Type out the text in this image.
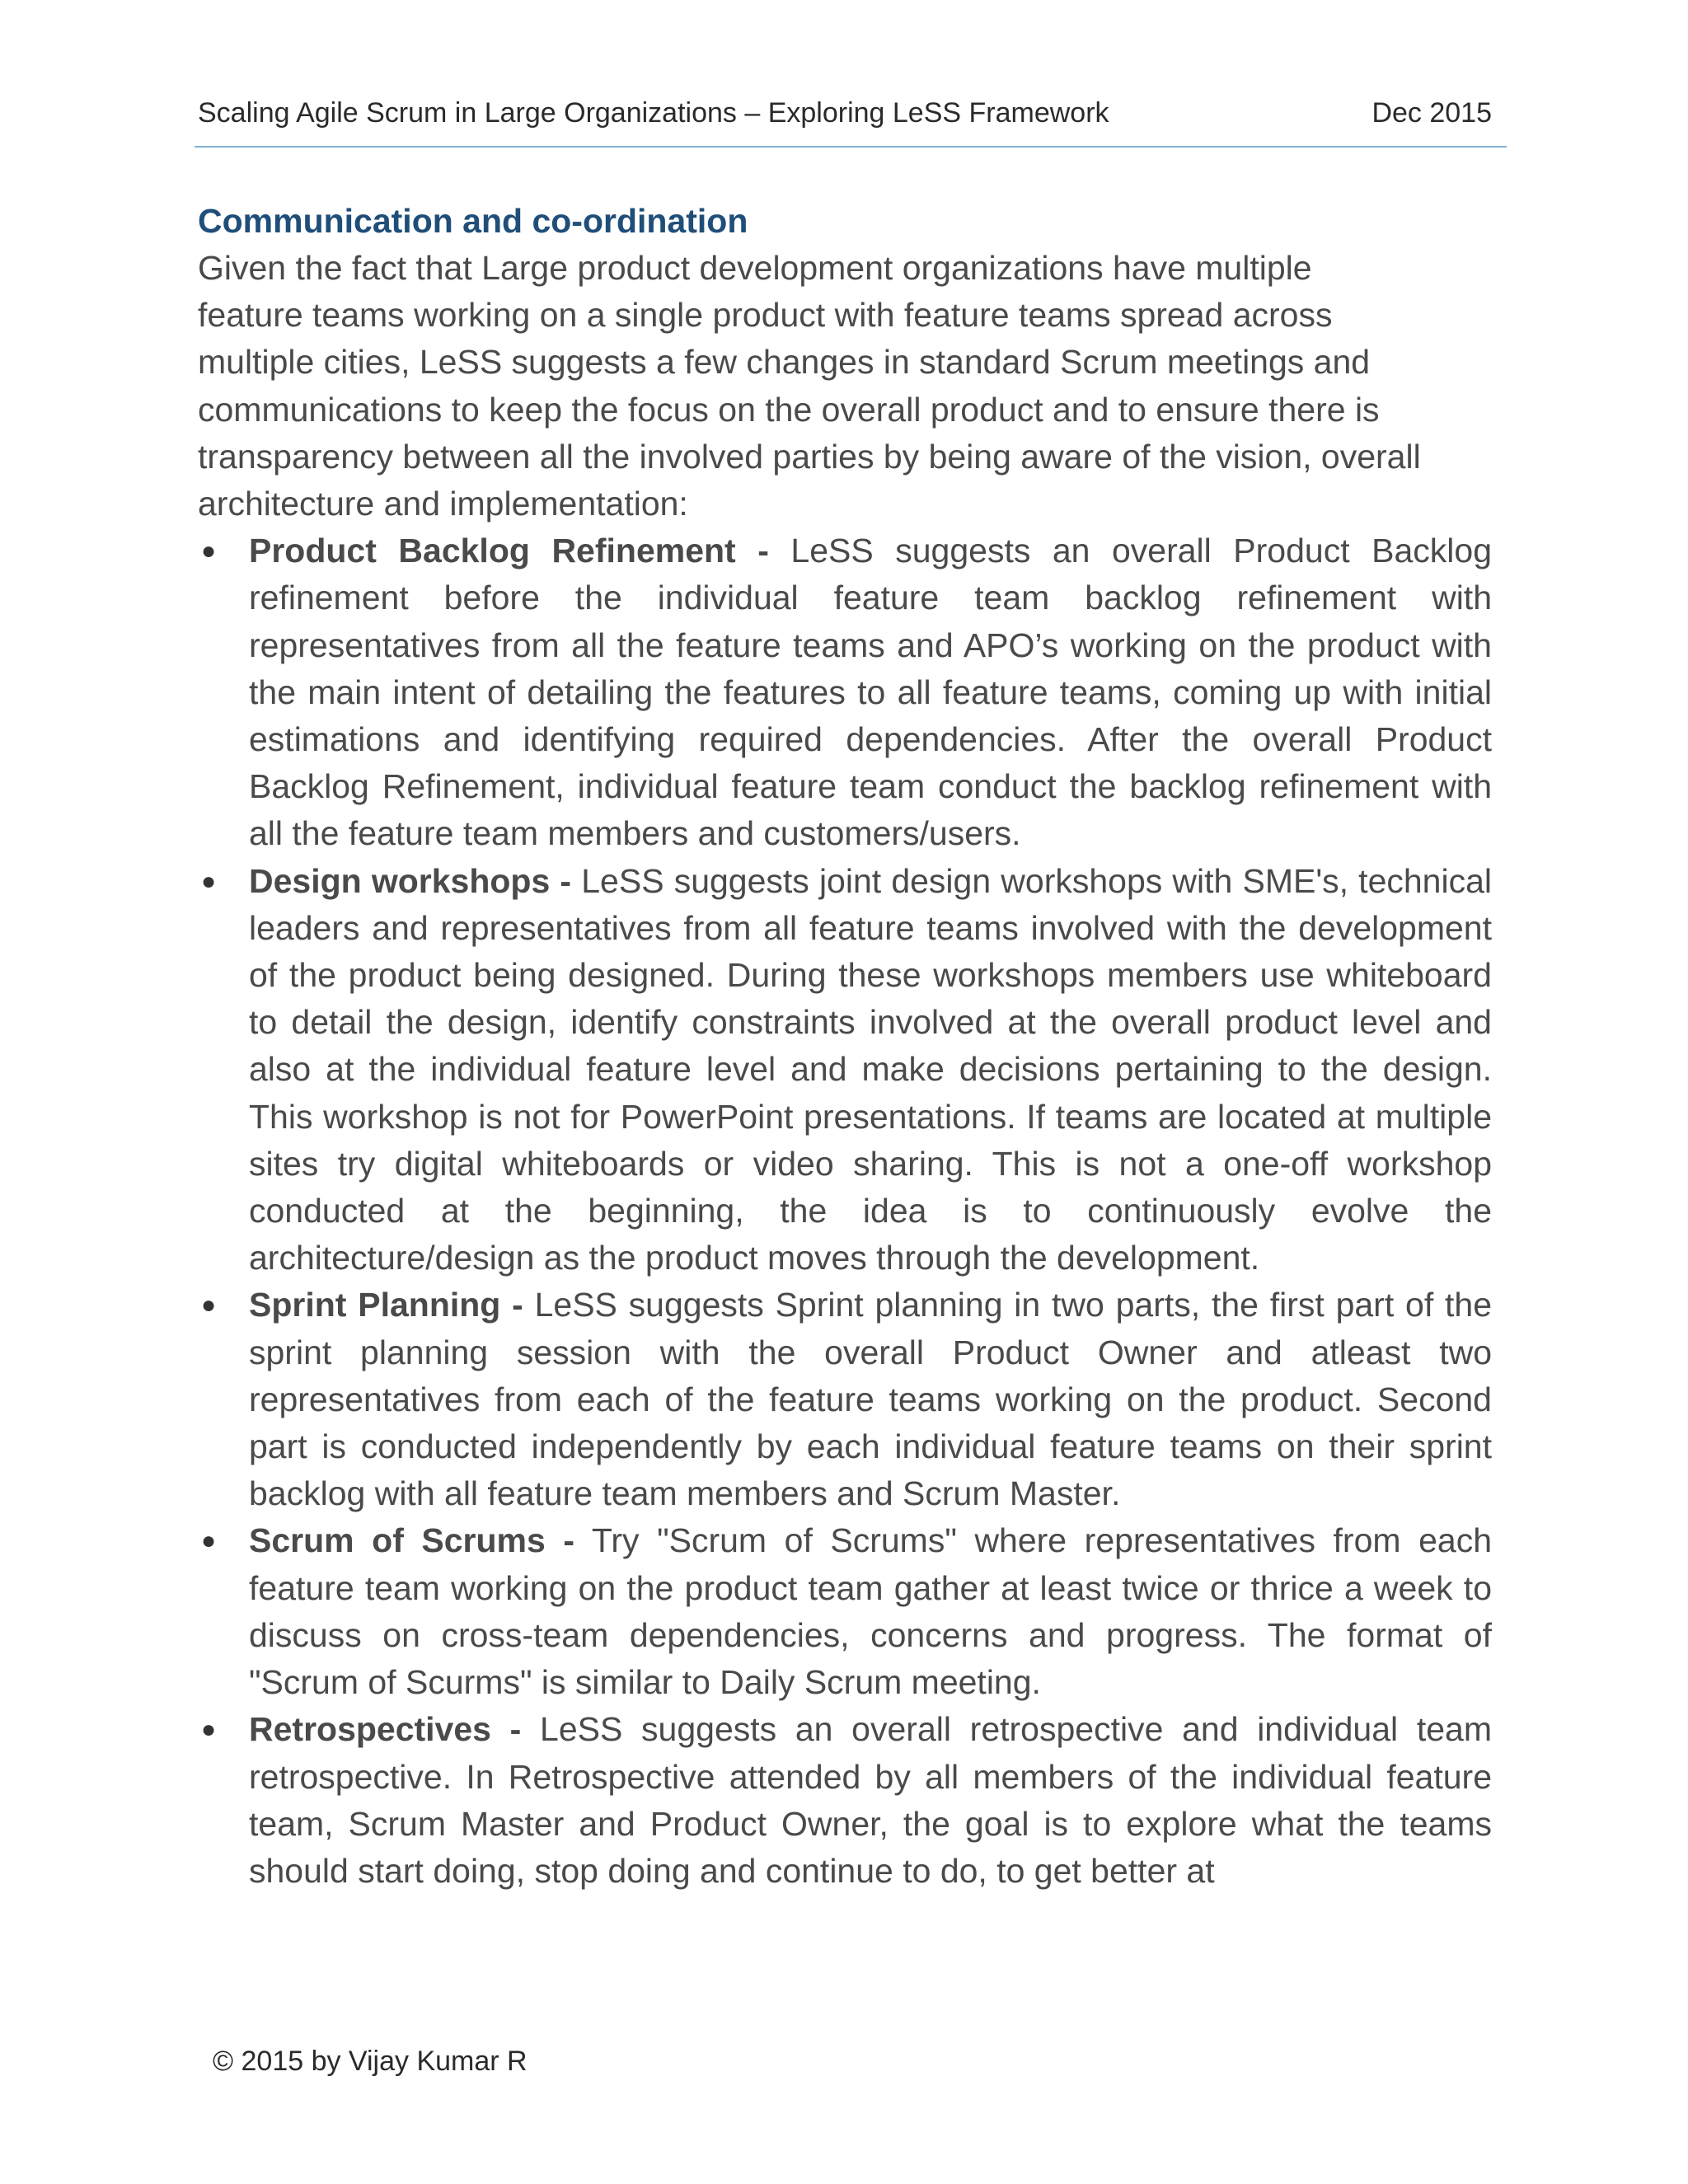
Scaling Agile Scrum in Large Organizations – Exploring LeSS Framework	Dec 2015
Communication and co-ordination

Given the fact that Large product development organizations have multiple feature teams working on a single product with feature teams spread across multiple cities, LeSS suggests a few changes in standard Scrum meetings and communications to keep the focus on the overall product and to ensure there is transparency between all the involved parties by being aware of the vision, overall architecture and implementation:

● Product Backlog Refinement - LeSS suggests an overall Product Backlog refinement before the individual feature team backlog refinement with representatives from all the feature teams and APO’s working on the product with the main intent of detailing the features to all feature teams, coming up with initial estimations and identifying required dependencies. After the overall Product Backlog Refinement, individual feature team conduct the backlog refinement with all the feature team members and customers/users.
● Design workshops - LeSS suggests joint design workshops with SME's, technical leaders and representatives from all feature teams involved with the development of the product being designed. During these workshops members use whiteboard to detail the design, identify constraints involved at the overall product level and also at the individual feature level and make decisions pertaining to the design. This workshop is not for PowerPoint presentations. If teams are located at multiple sites try digital whiteboards or video sharing. This is not a one-off workshop conducted at the beginning, the idea is to continuously evolve the architecture/design as the product moves through the development.
● Sprint Planning - LeSS suggests Sprint planning in two parts, the first part of the sprint planning session with the overall Product Owner and atleast two representatives from each of the feature teams working on the product. Second part is conducted independently by each individual feature teams on their sprint backlog with all feature team members and Scrum Master.
● Scrum of Scrums - Try "Scrum of Scrums" where representatives from each feature team working on the product team gather at least twice or thrice a week to discuss on cross-team dependencies, concerns and progress. The format of "Scrum of Scurms" is similar to Daily Scrum meeting.
● Retrospectives - LeSS suggests an overall retrospective and individual team retrospective. In Retrospective attended by all members of the individual feature team, Scrum Master and Product Owner, the goal is to explore what the teams should start doing, stop doing and continue to do, to get better at
© 2015 by Vijay Kumar R
